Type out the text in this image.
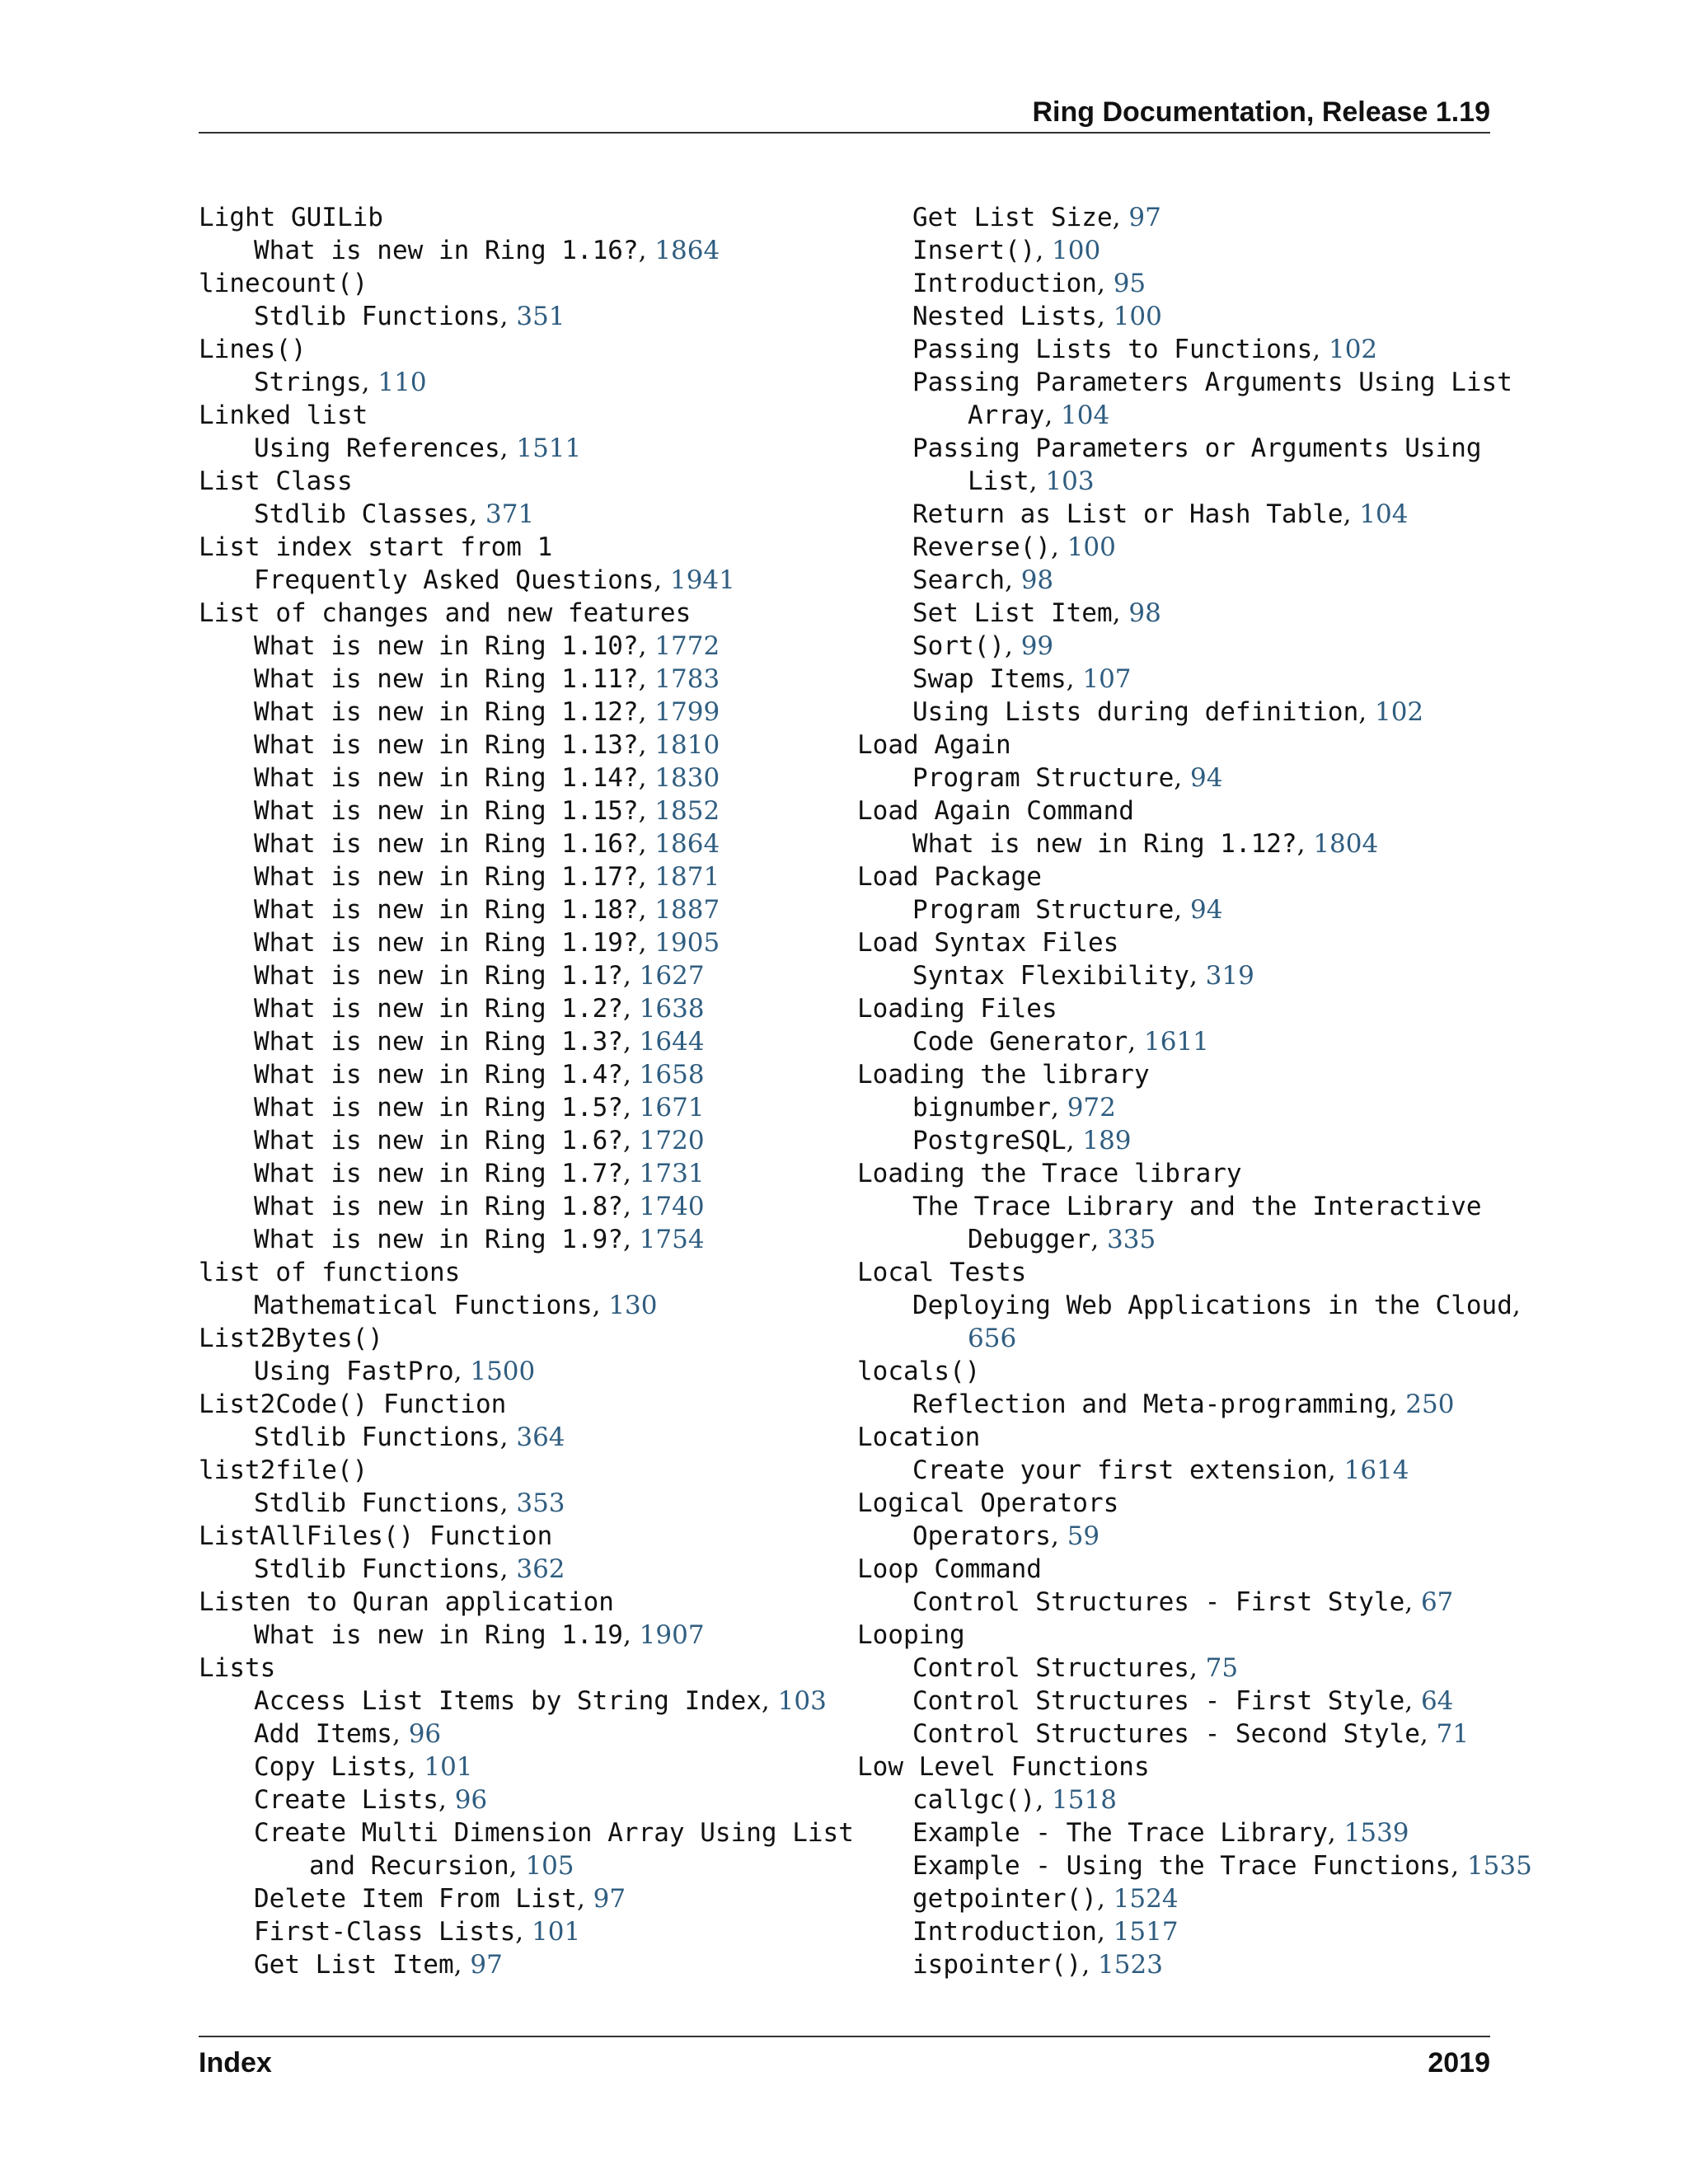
Ring Documentation, Release 1.19
Light GUILib
What is new in Ring 1.16?, 1864
linecount()
Stdlib Functions, 351
Lines()
Strings, 110
Linked list
Using References, 1511
List Class
Stdlib Classes, 371
List index start from 1
Frequently Asked Questions, 1941
List of changes and new features
What is new in Ring 1.10?, 1772
What is new in Ring 1.11?, 1783
What is new in Ring 1.12?, 1799
What is new in Ring 1.13?, 1810
What is new in Ring 1.14?, 1830
What is new in Ring 1.15?, 1852
What is new in Ring 1.16?, 1864
What is new in Ring 1.17?, 1871
What is new in Ring 1.18?, 1887
What is new in Ring 1.19?, 1905
What is new in Ring 1.1?, 1627
What is new in Ring 1.2?, 1638
What is new in Ring 1.3?, 1644
What is new in Ring 1.4?, 1658
What is new in Ring 1.5?, 1671
What is new in Ring 1.6?, 1720
What is new in Ring 1.7?, 1731
What is new in Ring 1.8?, 1740
What is new in Ring 1.9?, 1754
list of functions
Mathematical Functions, 130
List2Bytes()
Using FastPro, 1500
List2Code() Function
Stdlib Functions, 364
list2file()
Stdlib Functions, 353
ListAllFiles() Function
Stdlib Functions, 362
Listen to Quran application
What is new in Ring 1.19, 1907
Lists
Access List Items by String Index, 103
Add Items, 96
Copy Lists, 101
Create Lists, 96
Create Multi Dimension Array Using List
and Recursion, 105
Delete Item From List, 97
First-Class Lists, 101
Get List Item, 97
Get List Size, 97
Insert(), 100
Introduction, 95
Nested Lists, 100
Passing Lists to Functions, 102
Passing Parameters Arguments Using List
Array, 104
Passing Parameters or Arguments Using
List, 103
Return as List or Hash Table, 104
Reverse(), 100
Search, 98
Set List Item, 98
Sort(), 99
Swap Items, 107
Using Lists during definition, 102
Load Again
Program Structure, 94
Load Again Command
What is new in Ring 1.12?, 1804
Load Package
Program Structure, 94
Load Syntax Files
Syntax Flexibility, 319
Loading Files
Code Generator, 1611
Loading the library
bignumber, 972
PostgreSQL, 189
Loading the Trace library
The Trace Library and the Interactive
Debugger, 335
Local Tests
Deploying Web Applications in the Cloud,
656
locals()
Reflection and Meta-programming, 250
Location
Create your first extension, 1614
Logical Operators
Operators, 59
Loop Command
Control Structures - First Style, 67
Looping
Control Structures, 75
Control Structures - First Style, 64
Control Structures - Second Style, 71
Low Level Functions
callgc(), 1518
Example - The Trace Library, 1539
Example - Using the Trace Functions, 1535
getpointer(), 1524
Introduction, 1517
ispointer(), 1523
Index	2019
